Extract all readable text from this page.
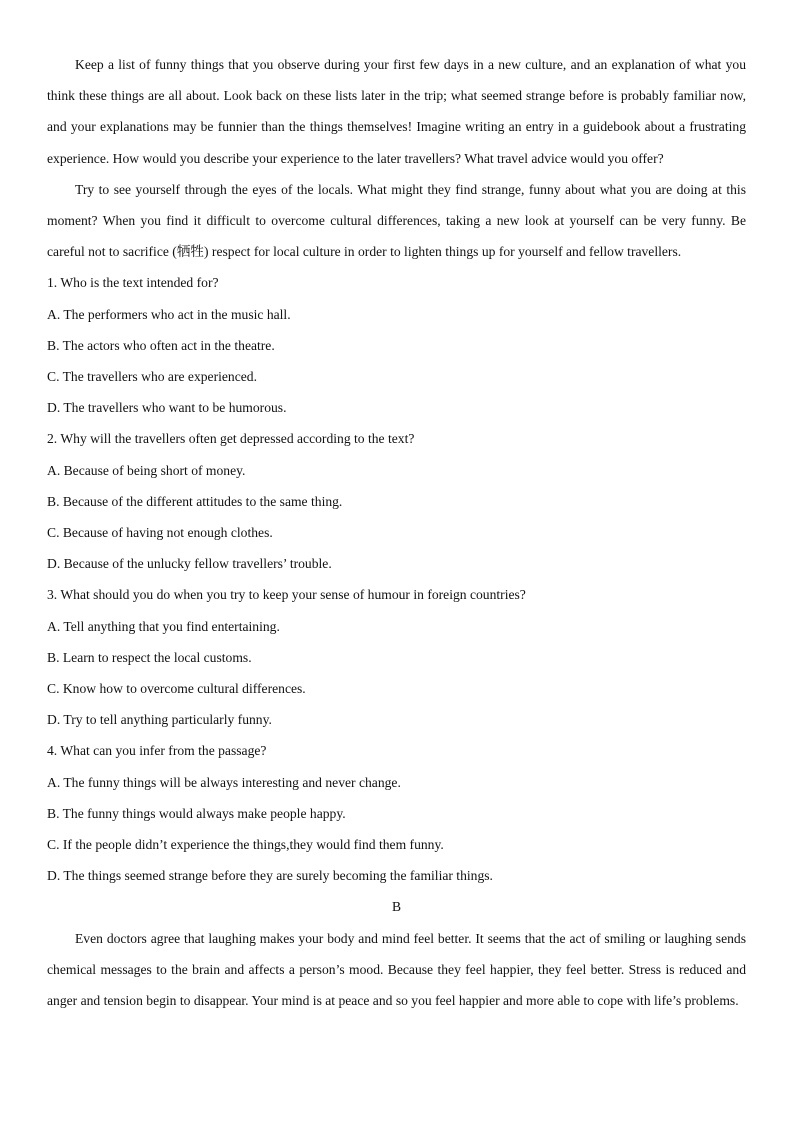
Keep a list of funny things that you observe during your first few days in a new culture, and an explanation of what you think these things are all about. Look back on these lists later in the trip; what seemed strange before is probably familiar now, and your explanations may be funnier than the things themselves! Imagine writing an entry in a guidebook about a frustrating experience. How would you describe your experience to the later travellers? What travel advice would you offer?

Try to see yourself through the eyes of the locals. What might they find strange, funny about what you are doing at this moment? When you find it difficult to overcome cultural differences, taking a new look at yourself can be very funny. Be careful not to sacrifice (牺牲) respect for local culture in order to lighten things up for yourself and fellow travellers.

1. Who is the text intended for?

A. The performers who act in the music hall.

B. The actors who often act in the theatre.

C. The travellers who are experienced.

D. The travellers who want to be humorous.

2. Why will the travellers often get depressed according to the text?

A. Because of being short of money.

B. Because of the different attitudes to the same thing.

C. Because of having not enough clothes.

D. Because of the unlucky fellow travellers’ trouble.

3. What should you do when you try to keep your sense of humour in foreign countries?

A. Tell anything that you find entertaining.

B. Learn to respect the local customs.

C. Know how to overcome cultural differences.

D. Try to tell anything particularly funny.

4. What can you infer from the passage?

A. The funny things will be always interesting and never change.

B. The funny things would always make people happy.

C. If the people didn’t experience the things,they would find them funny.

D. The things seemed strange before they are surely becoming the familiar things.

B

Even doctors agree that laughing makes your body and mind feel better. It seems that the act of smiling or laughing sends chemical messages to the brain and affects a person’s mood. Because they feel happier, they feel better. Stress is reduced and anger and tension begin to disappear. Your mind is at peace and so you feel happier and more able to cope with life’s problems.
